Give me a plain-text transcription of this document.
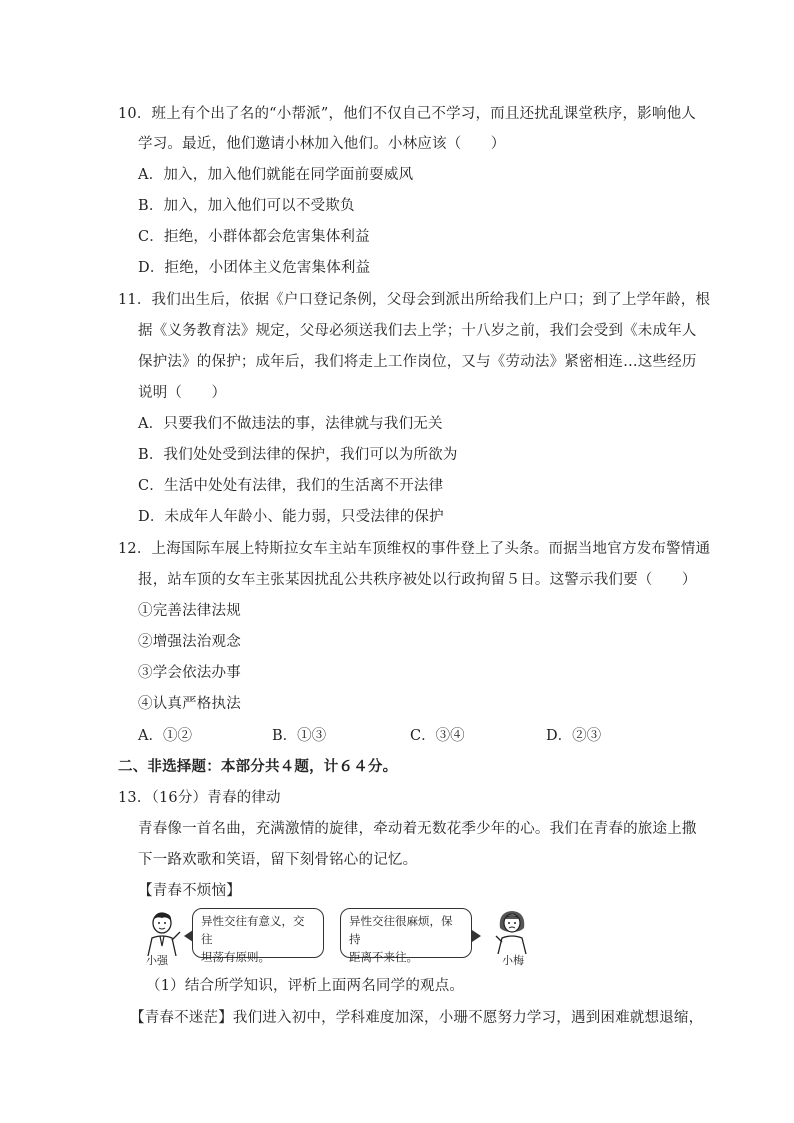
10．班上有个出了名的“小帮派”，他们不仅自己不学习，而且还扰乱课堂秩序，影响他人
学习。最近，他们邀请小林加入他们。小林应该（　　）
A．加入，加入他们就能在同学面前耍威风
B．加入，加入他们可以不受欺负
C．拒绝，小群体都会危害集体利益
D．拒绝，小团体主义危害集体利益
11．我们出生后，依据《户口登记条例，父母会到派出所给我们上户口；到了上学年龄，根
据《义务教育法》规定，父母必须送我们去上学；十八岁之前，我们会受到《未成年人
保护法》的保护；成年后，我们将走上工作岗位，又与《劳动法》紧密相连…这些经历
说明（　　）
A．只要我们不做违法的事，法律就与我们无关
B．我们处处受到法律的保护，我们可以为所欲为
C．生活中处处有法律，我们的生活离不开法律
D．未成年人年龄小、能力弱，只受法律的保护
12．上海国际车展上特斯拉女车主站车顶维权的事件登上了头条。而据当地官方发布警情通
报，站车顶的女车主张某因扰乱公共秩序被处以行政拘留５日。这警示我们要（　　）
①完善法律法规
②增强法治观念
③学会依法办事
④认真严格执法
A．①②	B．①③	C．③④	D．②③
二、非选择题：本部分共４题，计６４分。
13．（16分）青春的律动
青春像一首名曲，充满激情的旋律，牵动着无数花季少年的心。我们在青春的旅途上撒
下一路欢歌和笑语，留下刻骨铭心的记忆。
【青春不烦恼】
小强
异性交往有意义，交往
坦荡有原则。
异性交往很麻烦，保持
距离不来往。	小梅
（1）结合所学知识，评析上面两名同学的观点。
【青春不迷茫】我们进入初中，学科难度加深，小珊不愿努力学习，遇到困难就想退缩，
